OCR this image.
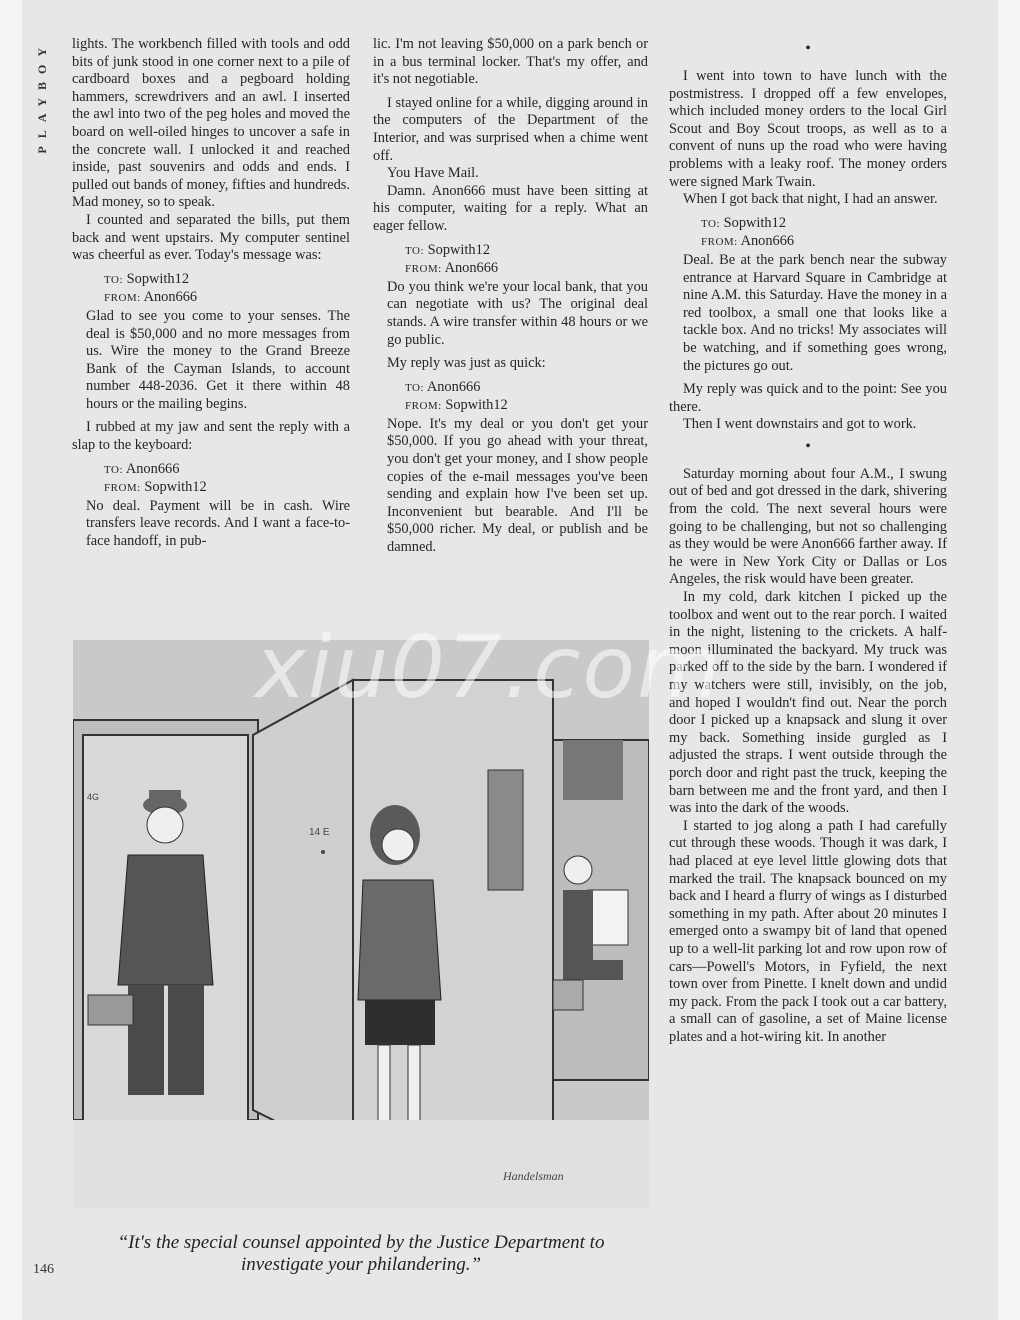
PLAYBOY	lights. The workbench filled with tools and odd bits of junk stood in one corner next to a pile of cardboard boxes and a pegboard holding hammers, screwdrivers and an awl. I inserted the awl into two of the peg holes and moved the board on well-oiled hinges to uncover a safe in the concrete wall. I unlocked it and reached inside, past souvenirs and odds and ends. I pulled out bands of money, fifties and hundreds. Mad money, so to speak.

I counted and separated the bills, put them back and went upstairs. My computer sentinel was cheerful as ever. Today's message was:

TO: Sopwith12

FROM: Anon666

Glad to see you come to your senses. The deal is $50,000 and no more messages from us. Wire the money to the Grand Breeze Bank of the Cayman Islands, to account number 448-2036. Get it there within 48 hours or the mailing begins.

I rubbed at my jaw and sent the reply with a slap to the keyboard:

TO: Anon666

FROM: Sopwith12

No deal. Payment will be in cash. Wire transfers leave records. And I want a face-to-face handoff, in pub-

lic. I'm not leaving $50,000 on a park bench or in a bus terminal locker. That's my offer, and it's not negotiable.

I stayed online for a while, digging around in the computers of the Department of the Interior, and was surprised when a chime went off.

You Have Mail.

Damn. Anon666 must have been sitting at his computer, waiting for a reply. What an eager fellow.

TO: Sopwith12

FROM: Anon666

Do you think we're your local bank, that you can negotiate with us? The original deal stands. A wire transfer within 48 hours or we go public.

My reply was just as quick:

TO: Anon666

FROM: Sopwith12

Nope. It's my deal or you don't get your $50,000. If you go ahead with your threat, you don't get your money, and I show people copies of the e-mail messages you've been sending and explain how I've been set up. Inconvenient but bearable. And I'll be $50,000 richer. My deal, or publish and be damned.

•

I went into town to have lunch with the postmistress. I dropped off a few envelopes, which included money orders to the local Girl Scout and Boy Scout troops, as well as to a convent of nuns up the road who were having problems with a leaky roof. The money orders were signed Mark Twain.

When I got back that night, I had an answer.

TO: Sopwith12

FROM: Anon666

Deal. Be at the park bench near the subway entrance at Harvard Square in Cambridge at nine A.M. this Saturday. Have the money in a red toolbox, a small one that looks like a tackle box. And no tricks! My associates will be watching, and if something goes wrong, the pictures go out.

My reply was quick and to the point: See you there.

Then I went downstairs and got to work.

•

Saturday morning about four A.M., I swung out of bed and got dressed in the dark, shivering from the cold. The next several hours were going to be challenging, but not so challenging as they would be were Anon666 farther away. If he were in New York City or Dallas or Los Angeles, the risk would have been greater.

In my cold, dark kitchen I picked up the toolbox and went out to the rear porch. I waited in the night, listening to the crickets. A half-moon illuminated the backyard. My truck was parked off to the side by the barn. I wondered if my watchers were still, invisibly, on the job, and hoped I wouldn't find out. Near the porch door I picked up a knapsack and slung it over my back. Something inside gurgled as I adjusted the straps. I went outside through the porch door and right past the truck, keeping the barn between me and the front yard, and then I was into the dark of the woods.

I started to jog along a path I had carefully cut through these woods. Though it was dark, I had placed at eye level little glowing dots that marked the trail. The knapsack bounced on my back and I heard a flurry of wings as I disturbed something in my path. After about 20 minutes I emerged onto a swampy bit of land that opened up to a well-lit parking lot and row upon row of cars—Powell's Motors, in Fyfield, the next town over from Pinette. I knelt down and undid my pack. From the pack I took out a car battery, a small can of gasoline, a set of Maine license plates and a hot-wiring kit. In another

4G
14 E
Handelsman
“It's the special counsel appointed by the Justice Department to
investigate your philandering.”
146
xiu07.com
